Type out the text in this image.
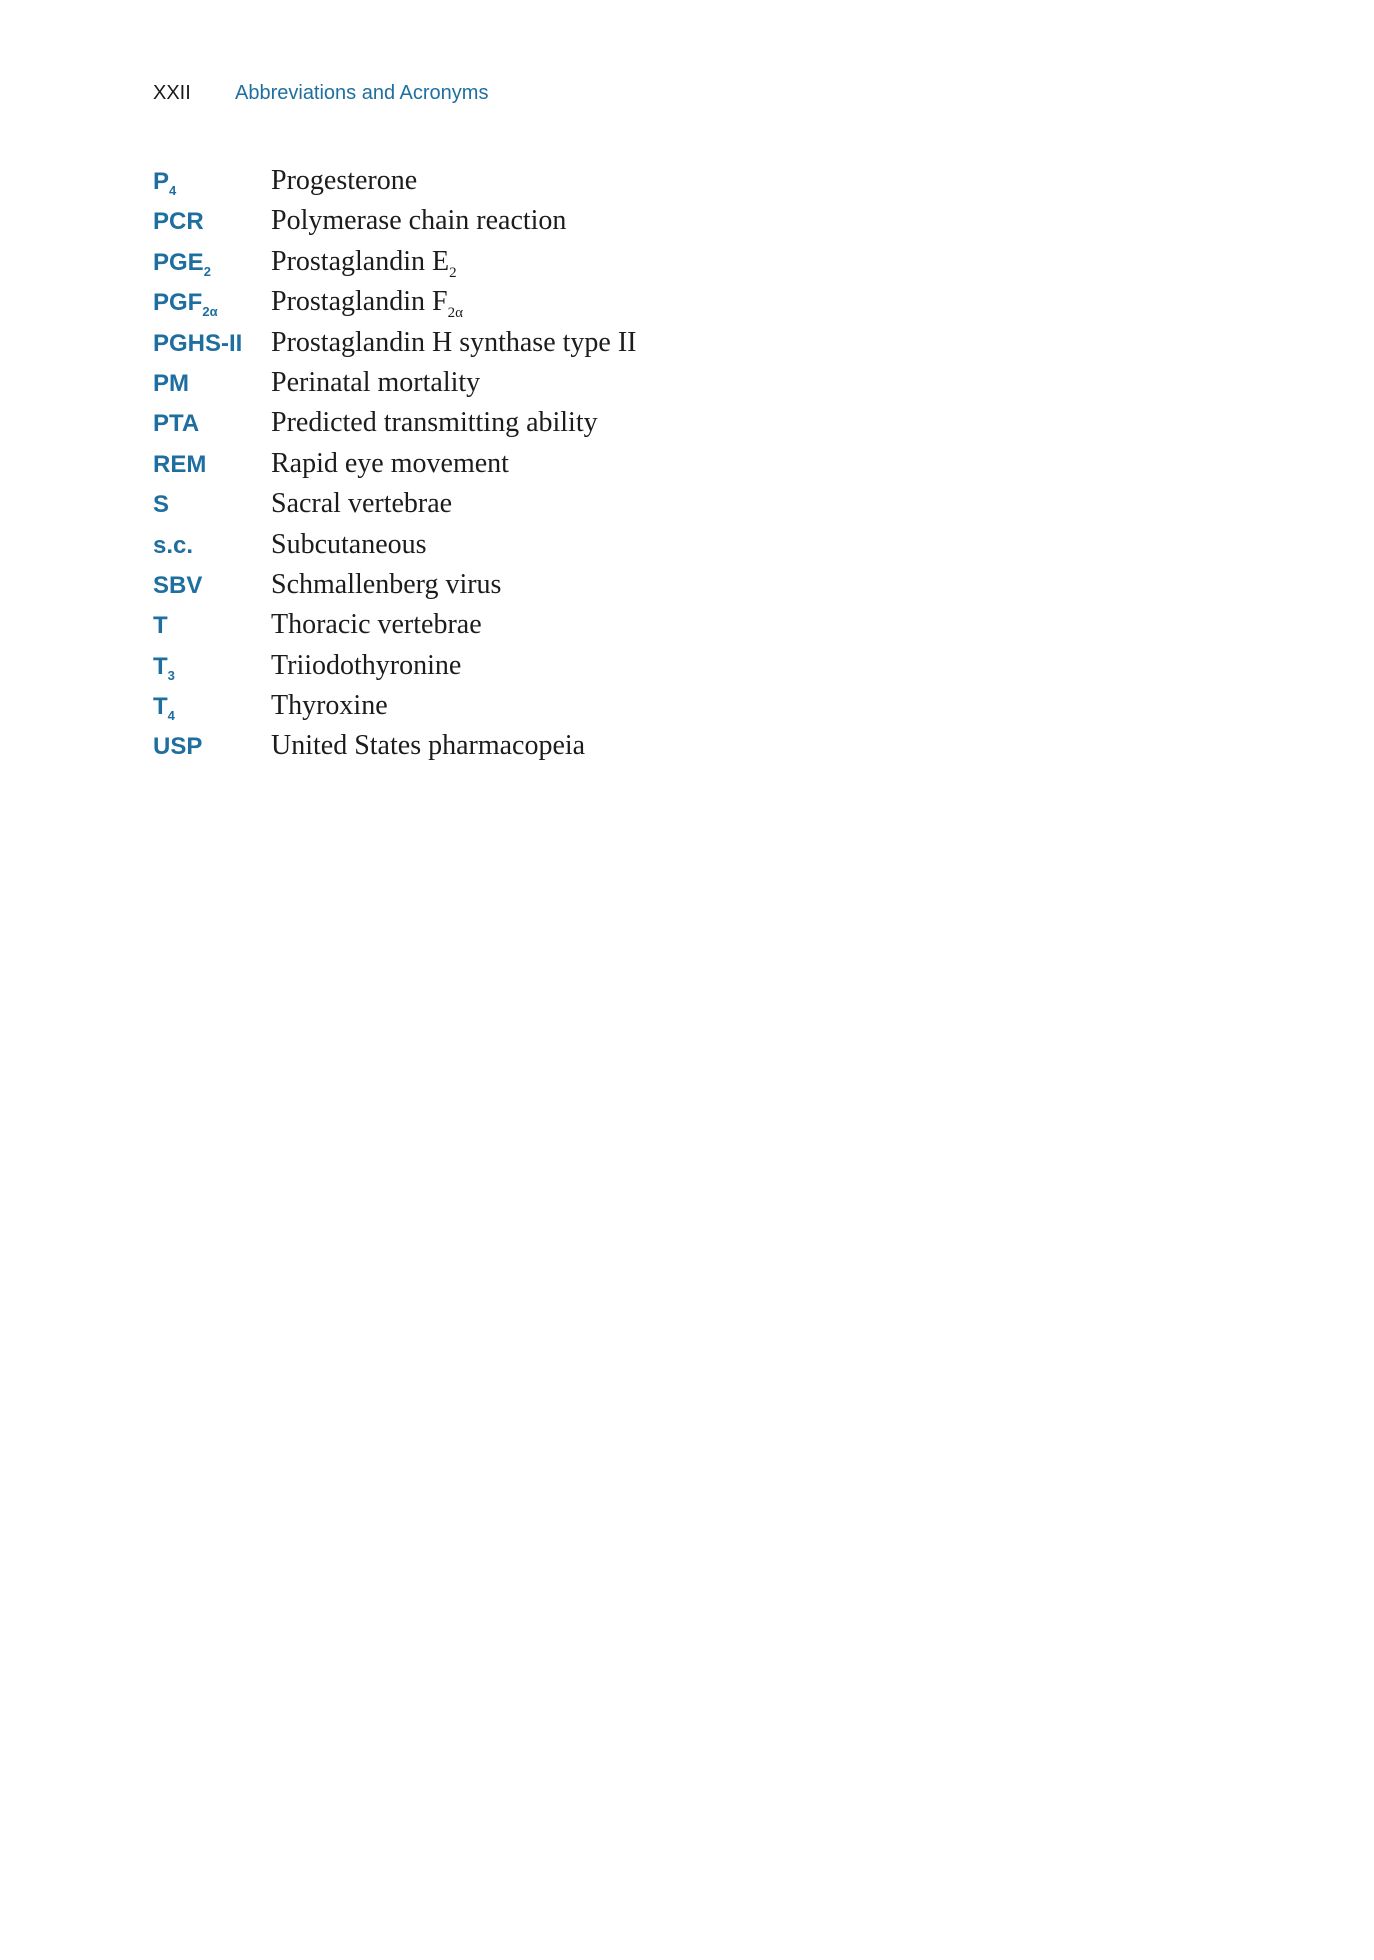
XXII Abbreviations and Acronyms
$P_4$	Progesterone
PCR Polymerase chain reaction
$PGE_2$ Prostaglandin $E_2$
$PGF_{2\alpha}$ Prostaglandin $F_{2\alpha}$
PGHS-II Prostaglandin H synthase type II
PM	Perinatal mortality
PTA	Predicted transmitting ability
REM Rapid eye movement
S	Sacral vertebrae
s.c.	Subcutaneous
SBV Schmallenberg virus
T	Thoracic vertebrae
$T_3$	Triiodothyronine
$T_4$	Thyroxine
USP United States pharmacopeia
